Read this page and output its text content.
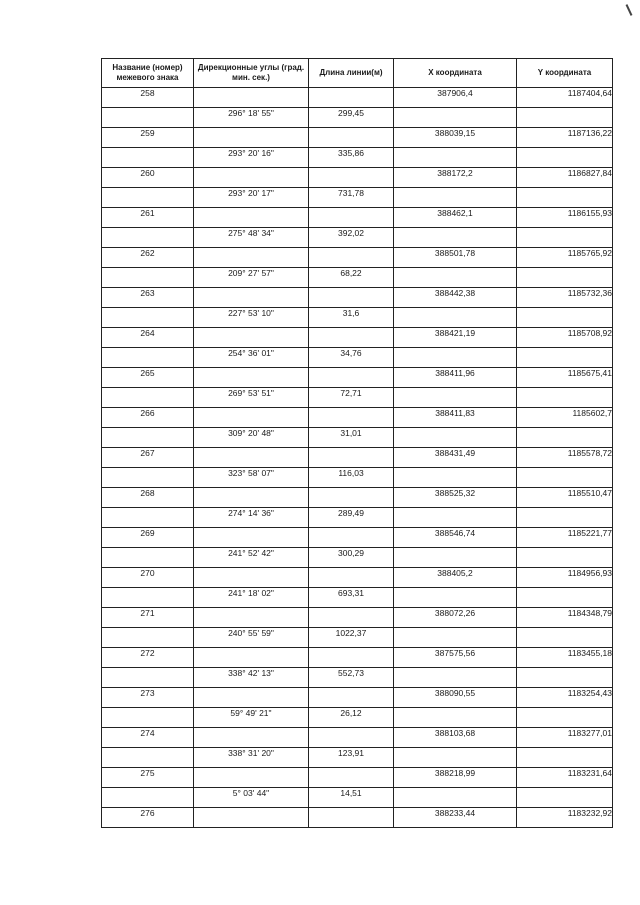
Название (номер) межевого знака	Дирекционные углы (град. мин. сек.)	Длина линии(м)	X координата	Y координата
258			387906,4	1187404,64
	296° 18' 55"	299,45		
259			388039,15	1187136,22
	293° 20' 16"	335,86		
260			388172,2	1186827,84
	293° 20' 17"	731,78		
261			388462,1	1186155,93
	275° 48' 34"	392,02		
262			388501,78	1185765,92
	209° 27' 57"	68,22		
263			388442,38	1185732,36
	227° 53' 10"	31,6		
264			388421,19	1185708,92
	254° 36' 01"	34,76		
265			388411,96	1185675,41
	269° 53' 51"	72,71		
266			388411,83	1185602,7
	309° 20' 48"	31,01		
267			388431,49	1185578,72
	323° 58' 07"	116,03		
268			388525,32	1185510,47
	274° 14' 36"	289,49		
269			388546,74	1185221,77
	241° 52' 42"	300,29		
270			388405,2	1184956,93
	241° 18' 02"	693,31		
271			388072,26	1184348,79
	240° 55' 59"	1022,37		
272			387575,56	1183455,18
	338° 42' 13"	552,73		
273			388090,55	1183254,43
	59° 49' 21"	26,12		
274			388103,68	1183277,01
	338° 31' 20"	123,91		
275			388218,99	1183231,64
	5° 03' 44"	14,51		
276			388233,44	1183232,92
